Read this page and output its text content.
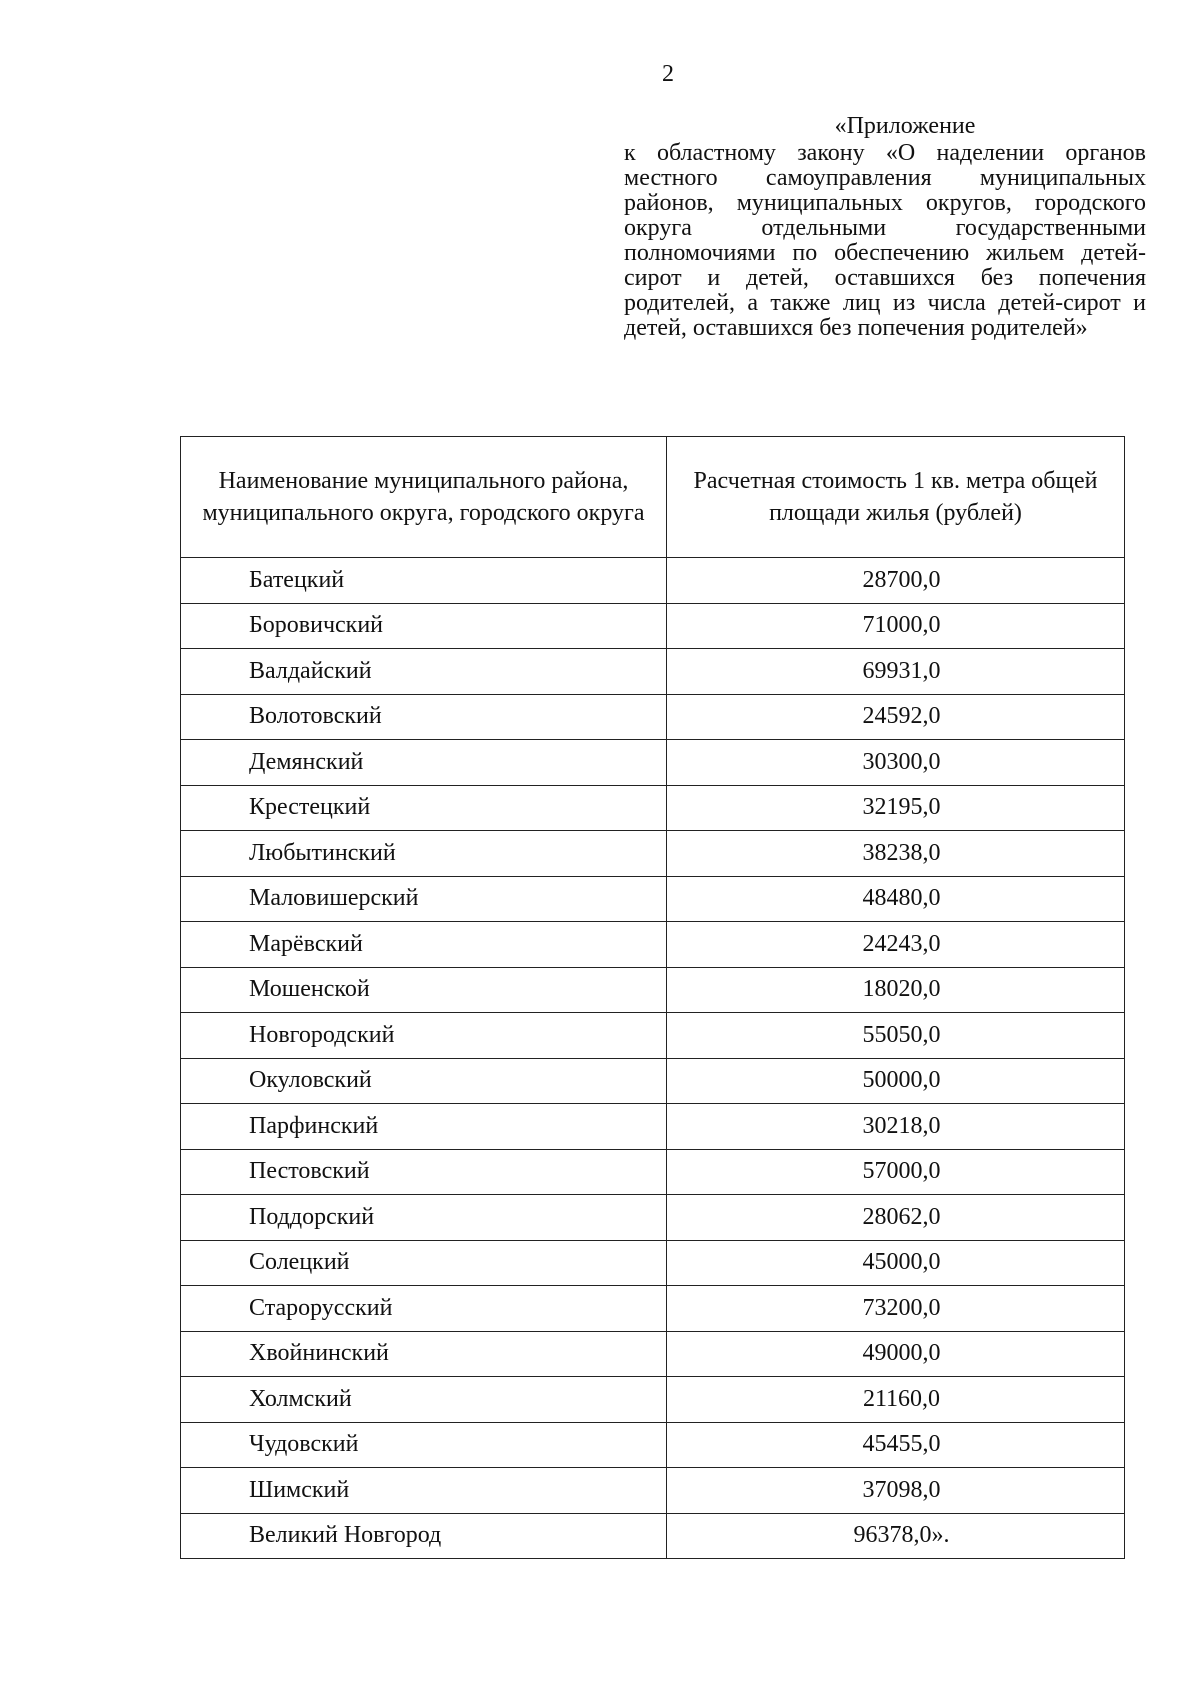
2
«Приложение
к областному закону «О наделении органов местного самоуправления муниципальных районов, муниципальных округов, городского округа отдельными государственными полномочиями по обеспечению жильем детей-сирот и детей, оставшихся без попечения родителей, а также лиц из числа детей-сирот и детей, оставшихся без попечения родителей»
Наименование муниципального района, муниципального округа, городского округа	Расчетная стоимость 1 кв. метра общей площади жилья (рублей)

Батецкий	28700,0
Боровичский	71000,0
Валдайский	69931,0
Волотовский	24592,0
Демянский	30300,0
Крестецкий	32195,0
Любытинский	38238,0
Маловишерский	48480,0
Марёвский	24243,0
Мошенской	18020,0
Новгородский	55050,0
Окуловский	50000,0
Парфинский	30218,0
Пестовский	57000,0
Поддорский	28062,0
Солецкий	45000,0
Старорусский	73200,0
Хвойнинский	49000,0
Холмский	21160,0
Чудовский	45455,0
Шимский	37098,0
Великий Новгород	96378,0».
